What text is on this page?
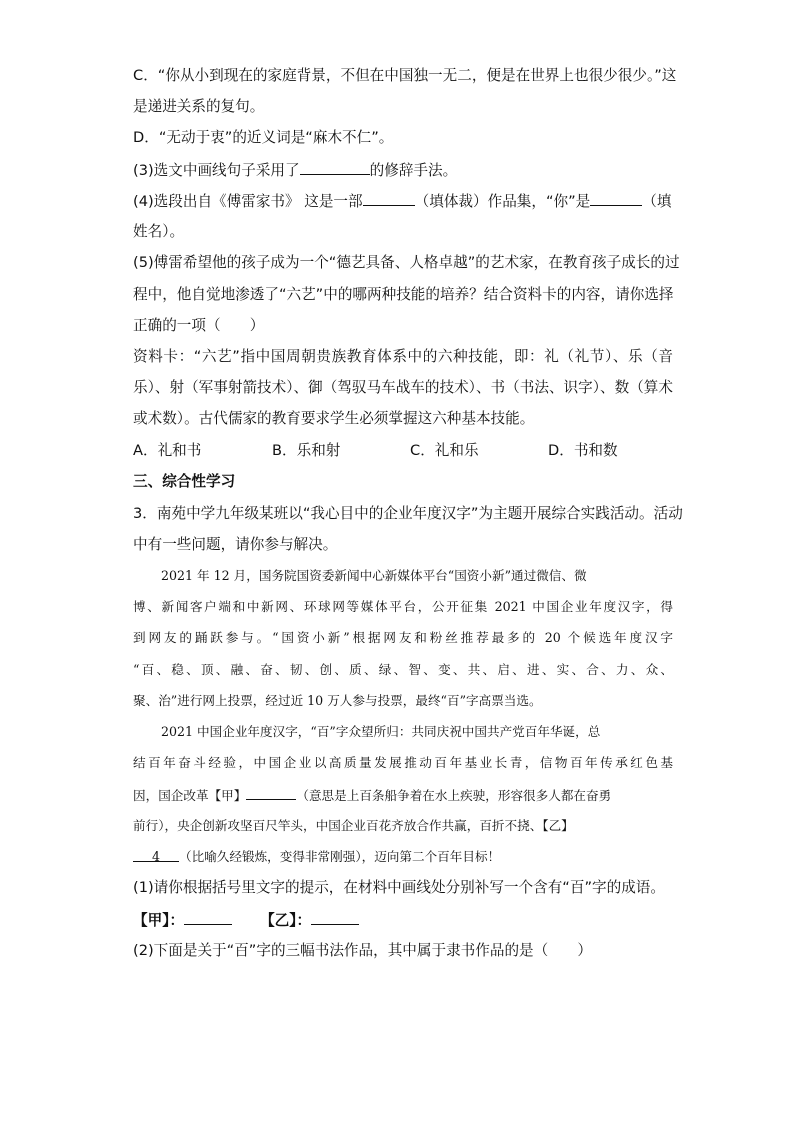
C．“你从小到现在的家庭背景，不但在中国独一无二，便是在世界上也很少很少。”这
是递进关系的复句。
D．“无动于衷”的近义词是“麻木不仁”。
(3)选文中画线句子采用了	的修辞手法。
(4)选段出自《傅雷家书》 这是一部	（填体裁）作品集，“你”是	（填
姓名）。
(5)傅雷希望他的孩子成为一个“德艺具备、人格卓越”的艺术家，在教育孩子成长的过
程中，他自觉地渗透了“六艺”中的哪两种技能的培养？结合资料卡的内容，请你选择
正确的一项（　　）
资料卡：“六艺”指中国周朝贵族教育体系中的六种技能，即：礼（礼节）、乐（音
乐）、射（军事射箭技术）、御（驾驭马车战车的技术）、书（书法、识字）、数（算术
或术数）。古代儒家的教育要求学生必须掌握这六种基本技能。
A．礼和书	B．乐和射	C．礼和乐	D．书和数
三、综合性学习
3．南苑中学九年级某班以“我心目中的企业年度汉字”为主题开展综合实践活动。活动
中有一些问题，请你参与解决。
2021 年 12 月，国务院国资委新闻中心新媒体平台“国资小新”通过微信、微
博、新闻客户端和中新网、环球网等媒体平台，公开征集 2021 中国企业年度汉字，得
到网友的踊跃参与。“国资小新”根据网友和粉丝推荐最多的 20 个候选年度汉字
“百、稳、顶、融、奋、韧、创、质、绿、智、变、共、启、进、实、合、力、众、
聚、治”进行网上投票，经过近 10 万人参与投票，最终“百”字高票当选。
2021 中国企业年度汉字，“百”字众望所归：共同庆祝中国共产党百年华诞，总
结百年奋斗经验，中国企业以高质量发展推动百年基业长青，信物百年传承红色基
因，国企改革【甲】	（意思是上百条船争着在水上疾驶，形容很多人都在奋勇
前行），央企创新攻坚百尺竿头，中国企业百花齐放合作共赢，百折不挠、【乙】
4 （比喻久经锻炼，变得非常刚强），迈向第二个百年目标！
(1)请你根据括号里文字的提示，在材料中画线处分别补写一个含有“百”字的成语。
【甲】：	【乙】：
(2)下面是关于“百”字的三幅书法作品，其中属于隶书作品的是（　　）
